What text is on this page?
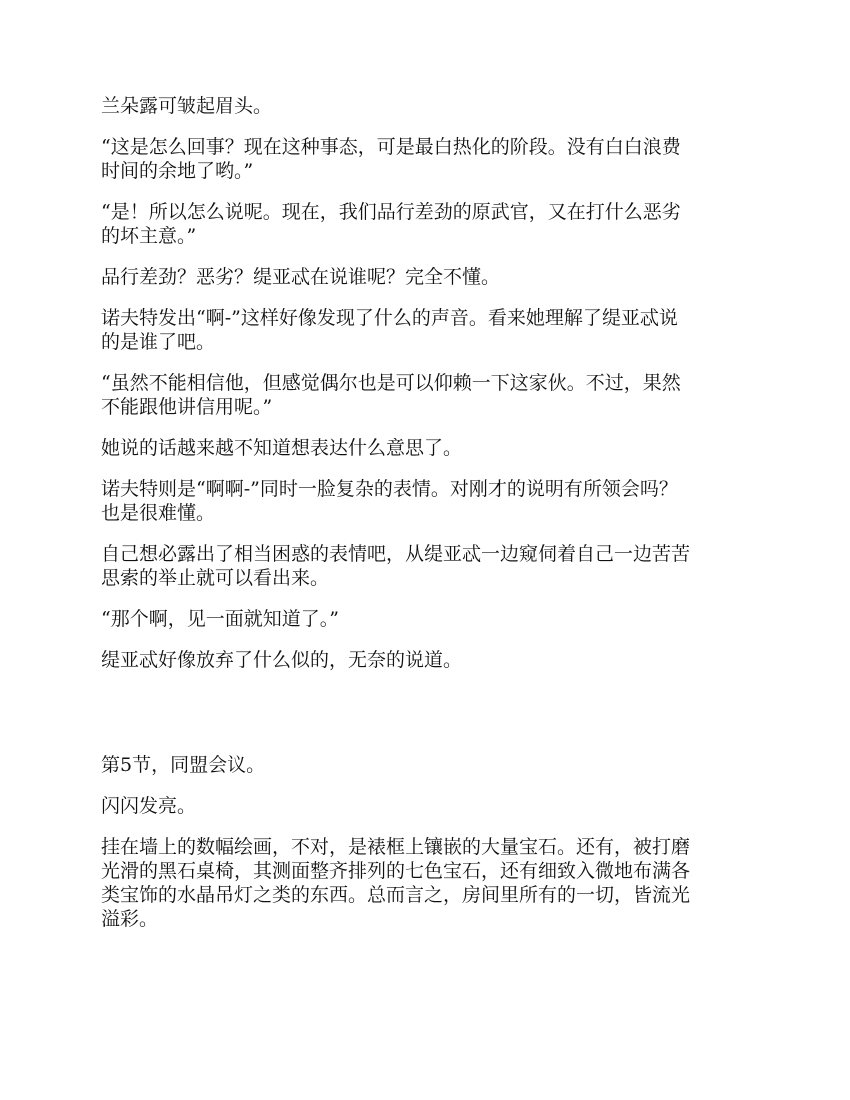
兰朵露可皱起眉头。

“这是怎么回事？现在这种事态，可是最白热化的阶段。没有白白浪费
时间的余地了哟。”

“是！所以怎么说呢。现在，我们品行差劲的原武官，又在打什么恶劣
的坏主意。”

品行差劲？恶劣？缇亚忒在说谁呢？完全不懂。

诺夫特发出“啊-”这样好像发现了什么的声音。看来她理解了缇亚忒说
的是谁了吧。

“虽然不能相信他，但感觉偶尔也是可以仰赖一下这家伙。不过，果然
不能跟他讲信用呢。”

她说的话越来越不知道想表达什么意思了。

诺夫特则是“啊啊-”同时一脸复杂的表情。对刚才的说明有所领会吗？
也是很难懂。

自己想必露出了相当困惑的表情吧，从缇亚忒一边窥伺着自己一边苦苦
思索的举止就可以看出来。

“那个啊，见一面就知道了。”

缇亚忒好像放弃了什么似的，无奈的说道。

第5节，同盟会议。

闪闪发亮。

挂在墙上的数幅绘画，不对，是裱框上镶嵌的大量宝石。还有，被打磨
光滑的黑石桌椅，其测面整齐排列的七色宝石，还有细致入微地布满各
类宝饰的水晶吊灯之类的东西。总而言之，房间里所有的一切，皆流光
溢彩。
